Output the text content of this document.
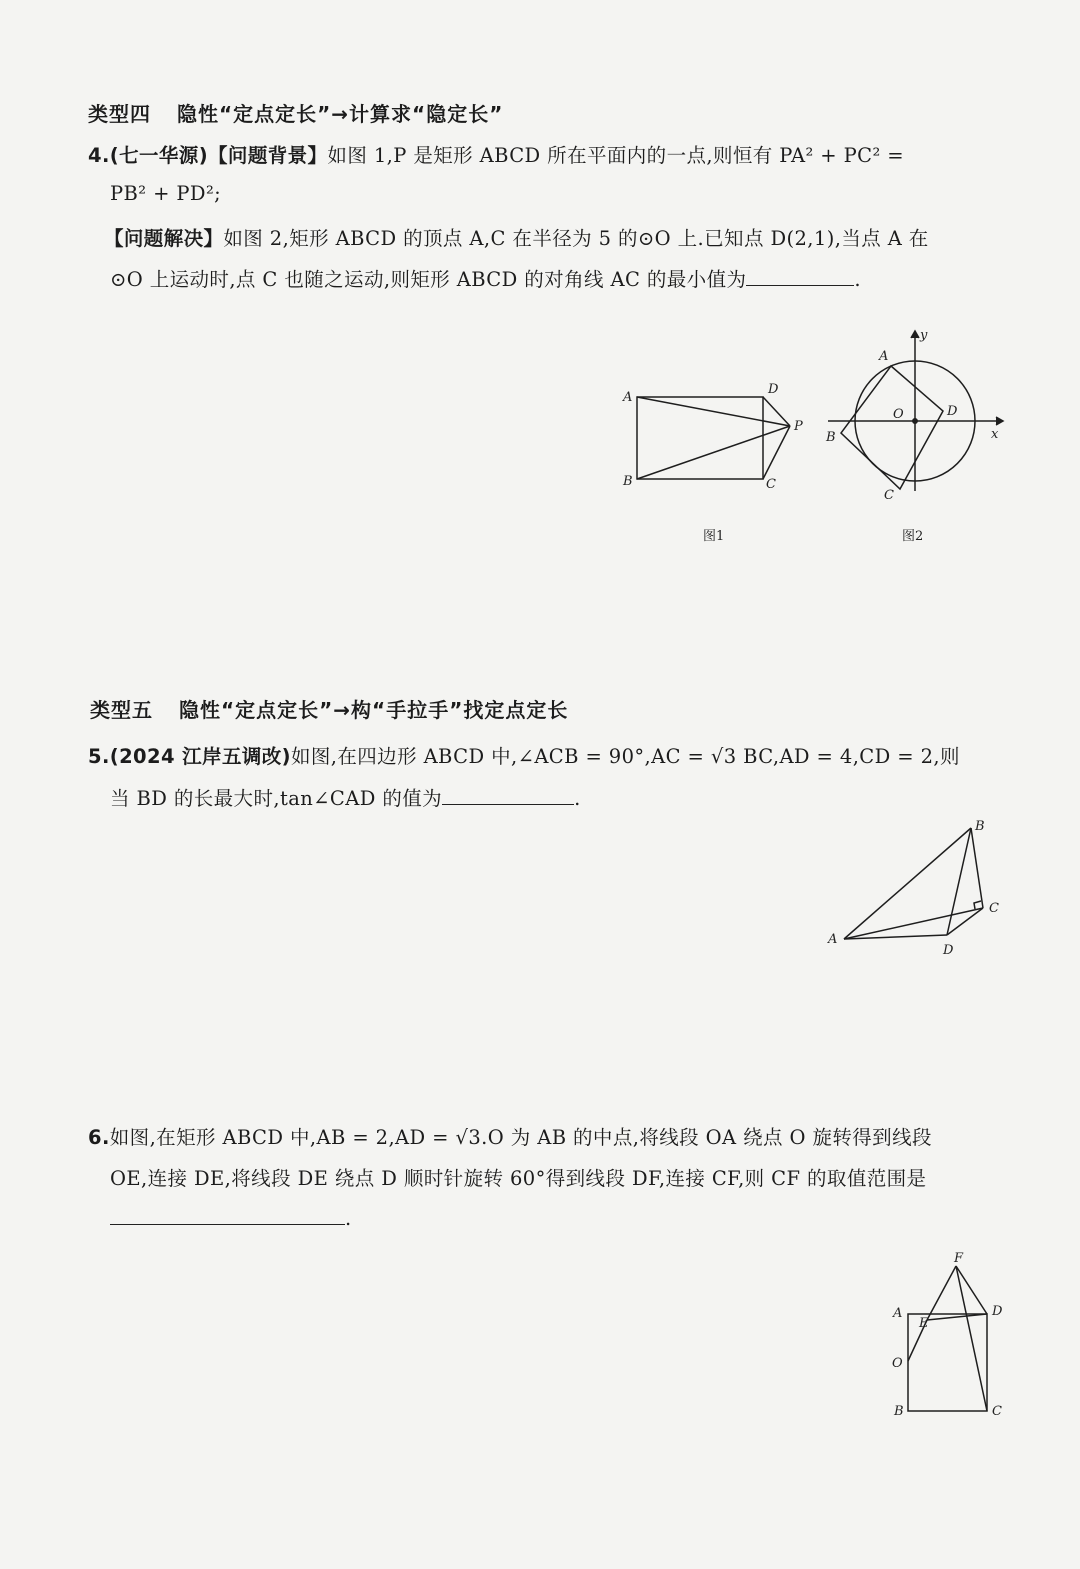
类型四 隐性“定点定长”→计算求“隐定长”
4.(七一华源)【问题背景】如图 1,P 是矩形 ABCD 所在平面内的一点,则恒有 PA² + PC² =
PB² + PD²;
【问题解决】如图 2,矩形 ABCD 的顶点 A,C 在半径为 5 的⊙O 上.已知点 D(2,1),当点 A 在
⊙O 上运动时,点 C 也随之运动,则矩形 ABCD 的对角线 AC 的最小值为	.
A
D
P
B	C
图1
y
A
O	D
x
B
C
图2
类型五 隐性“定点定长”→构“手拉手”找定点定长
5.(2024 江岸五调改)如图,在四边形 ABCD 中,∠ACB = 90°,AC = √3 BC,AD = 4,CD = 2,则
当 BD 的长最大时,tan∠CAD 的值为	.
B
C
A
D
6.如图,在矩形 ABCD 中,AB = 2,AD = √3.O 为 AB 的中点,将线段 OA 绕点 O 旋转得到线段
OE,连接 DE,将线段 DE 绕点 D 顺时针旋转 60°得到线段 DF,连接 CF,则 CF 的取值范围是
.
F
A
E
D
O
B	C
